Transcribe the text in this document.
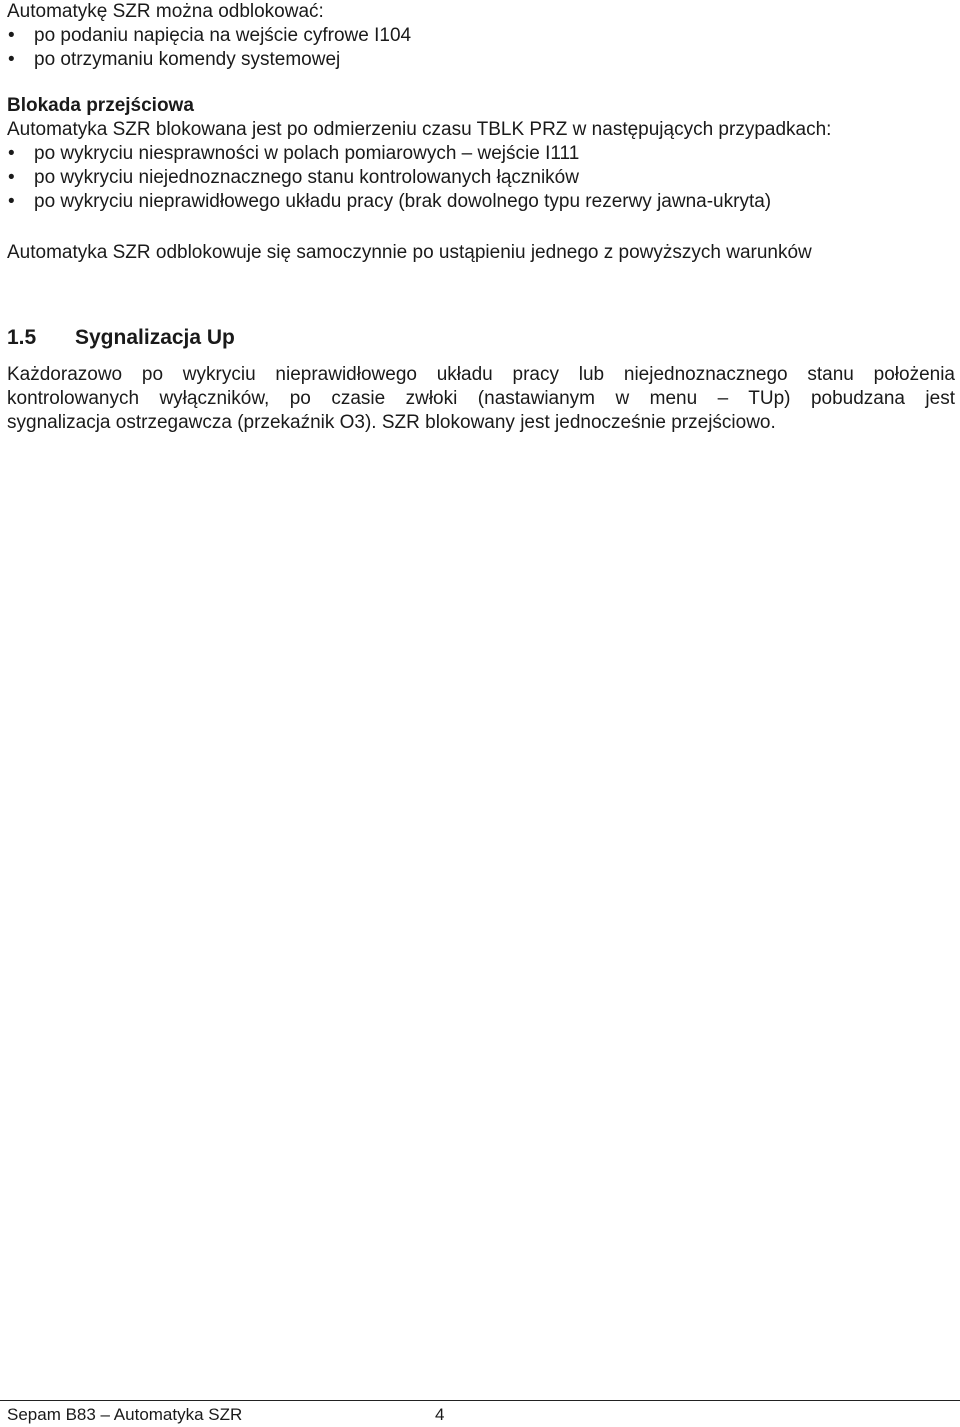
Automatykę SZR można odblokować:
• po podaniu napięcia na wejście cyfrowe I104
• po otrzymaniu komendy systemowej
Blokada przejściowa
Automatyka SZR blokowana jest po odmierzeniu czasu TBLK PRZ w następujących przypadkach:
• po wykryciu niesprawności w polach pomiarowych – wejście I111
• po wykryciu niejednoznacznego stanu kontrolowanych łączników
• po wykryciu nieprawidłowego układu pracy (brak dowolnego typu rezerwy jawna-ukryta)
Automatyka SZR odblokowuje się samoczynnie po ustąpieniu jednego z powyższych warunków
1.5 Sygnalizacja Up
Każdorazowo po wykryciu nieprawidłowego układu pracy lub niejednoznacznego stanu położenia
kontrolowanych wyłączników, po czasie zwłoki (nastawianym w menu – TUp) pobudzana jest
sygnalizacja ostrzegawcza (przekaźnik O3). SZR blokowany jest jednocześnie przejściowo.
Sepam B83 – Automatyka SZR	4
